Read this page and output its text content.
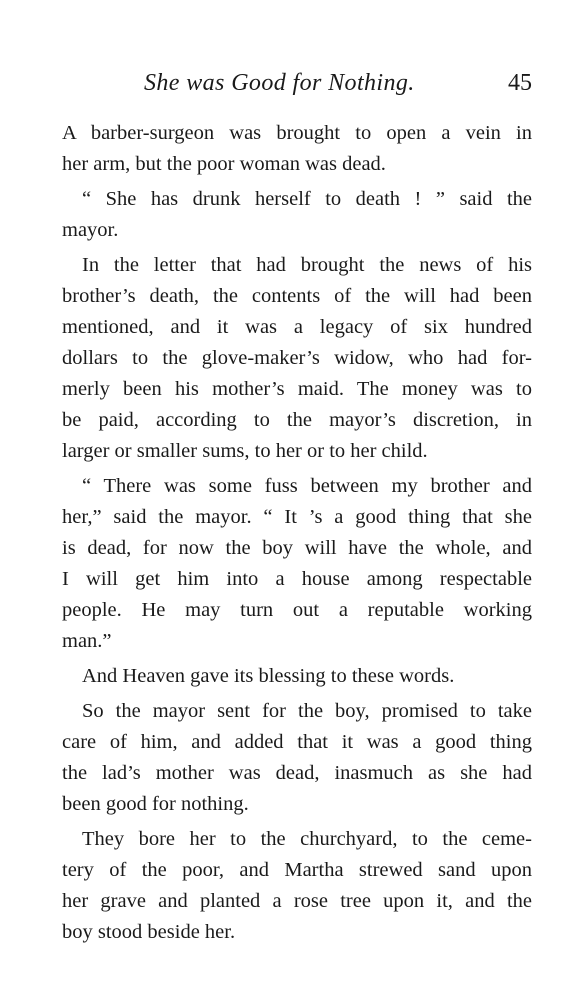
She was Good for Nothing.	45
A barber-surgeon was brought to open a vein in
her arm, but the poor woman was dead.
“ She has drunk herself to death ! ” said the
mayor.
In the letter that had brought the news of his
brother’s death, the contents of the will had been
mentioned, and it was a legacy of six hundred
dollars to the glove-maker’s widow, who had for-
merly been his mother’s maid. The money was to
be paid, according to the mayor’s discretion, in
larger or smaller sums, to her or to her child.
“ There was some fuss between my brother and
her,” said the mayor. “ It ’s a good thing that she
is dead, for now the boy will have the whole, and
I will get him into a house among respectable
people. He may turn out a reputable working
man.”
And Heaven gave its blessing to these words.
So the mayor sent for the boy, promised to take
care of him, and added that it was a good thing
the lad’s mother was dead, inasmuch as she had
been good for nothing.
They bore her to the churchyard, to the ceme-
tery of the poor, and Martha strewed sand upon
her grave and planted a rose tree upon it, and the
boy stood beside her.
